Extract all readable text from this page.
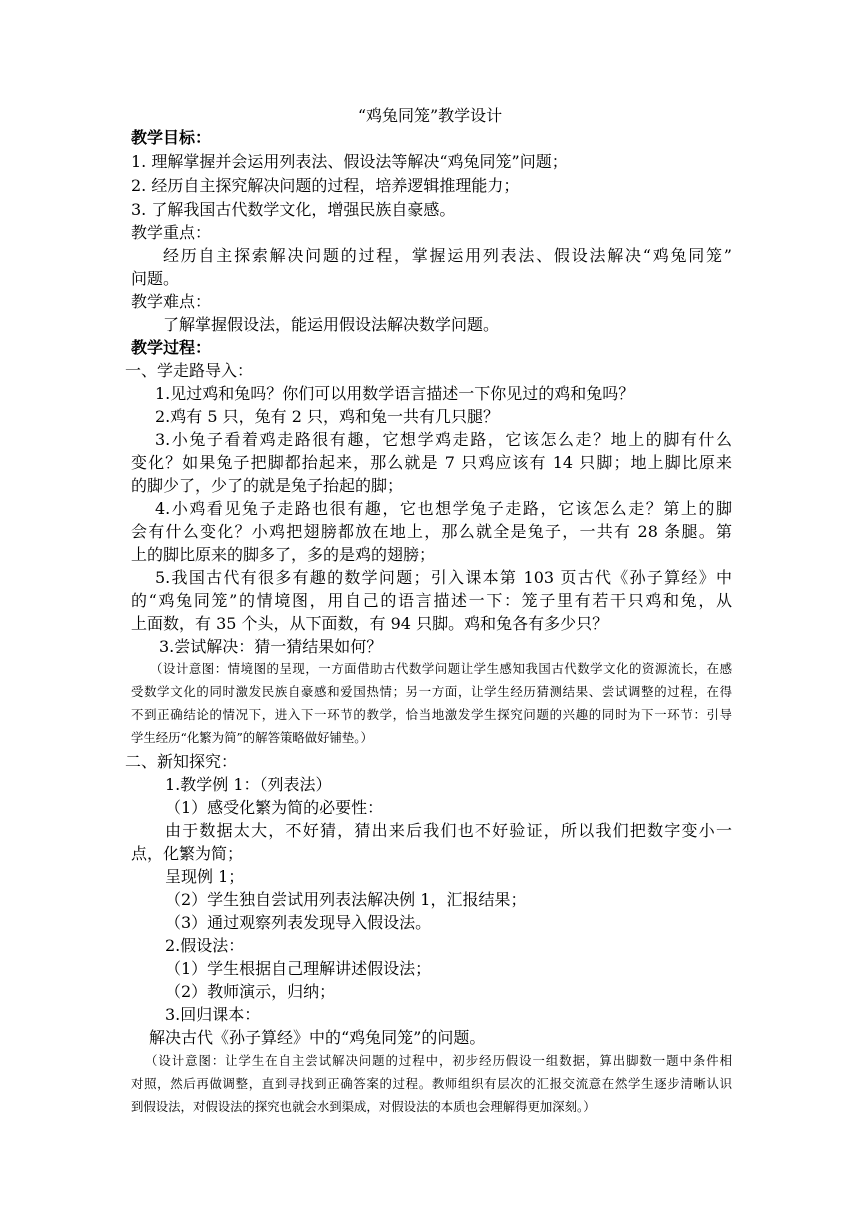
“鸡兔同笼”教学设计
教学目标：
1. 理解掌握并会运用列表法、假设法等解决“鸡兔同笼”问题；
2. 经历自主探究解决问题的过程，培养逻辑推理能力；
3. 了解我国古代数学文化，增强民族自豪感。
教学重点：
经历自主探索解决问题的过程，掌握运用列表法、假设法解决“鸡兔同笼”
问题。
教学难点：
了解掌握假设法，能运用假设法解决数学问题。
教学过程：
一、学走路导入：
1.见过鸡和兔吗？你们可以用数学语言描述一下你见过的鸡和兔吗？
2.鸡有 5 只，兔有 2 只，鸡和兔一共有几只腿？
3.小兔子看着鸡走路很有趣，它想学鸡走路，它该怎么走？地上的脚有什么
变化？如果兔子把脚都抬起来，那么就是 7 只鸡应该有 14 只脚；地上脚比原来
的脚少了，少了的就是兔子抬起的脚；
4.小鸡看见兔子走路也很有趣，它也想学兔子走路，它该怎么走？第上的脚
会有什么变化？小鸡把翅膀都放在地上，那么就全是兔子，一共有 28 条腿。第
上的脚比原来的脚多了，多的是鸡的翅膀；
5.我国古代有很多有趣的数学问题；引入课本第 103 页古代《孙子算经》中
的“鸡兔同笼”的情境图，用自己的语言描述一下：笼子里有若干只鸡和兔，从
上面数，有 35 个头，从下面数，有 94 只脚。鸡和兔各有多少只？
3.尝试解决：猜一猜结果如何？
（设计意图：情境图的呈现，一方面借助古代数学问题让学生感知我国古代数学文化的资源流长，在感
受数学文化的同时激发民族自豪感和爱国热情；另一方面，让学生经历猜测结果、尝试调整的过程，在得
不到正确结论的情况下，进入下一环节的教学，恰当地激发学生探究问题的兴趣的同时为下一环节：引导
学生经历“化繁为简”的解答策略做好铺垫。）
二、新知探究：
1.教学例 1：（列表法）
（1）感受化繁为简的必要性：
由于数据太大，不好猜，猜出来后我们也不好验证，所以我们把数字变小一
点，化繁为简；
呈现例 1；
（2）学生独自尝试用列表法解决例 1，汇报结果；
（3）通过观察列表发现导入假设法。
2.假设法：
（1）学生根据自己理解讲述假设法；
（2）教师演示，归纳；
3.回归课本：
解决古代《孙子算经》中的“鸡兔同笼”的问题。
（设计意图：让学生在自主尝试解决问题的过程中，初步经历假设一组数据，算出脚数一题中条件相
对照，然后再做调整，直到寻找到正确答案的过程。教师组织有层次的汇报交流意在然学生逐步清晰认识
到假设法，对假设法的探究也就会水到渠成，对假设法的本质也会理解得更加深刻。）
